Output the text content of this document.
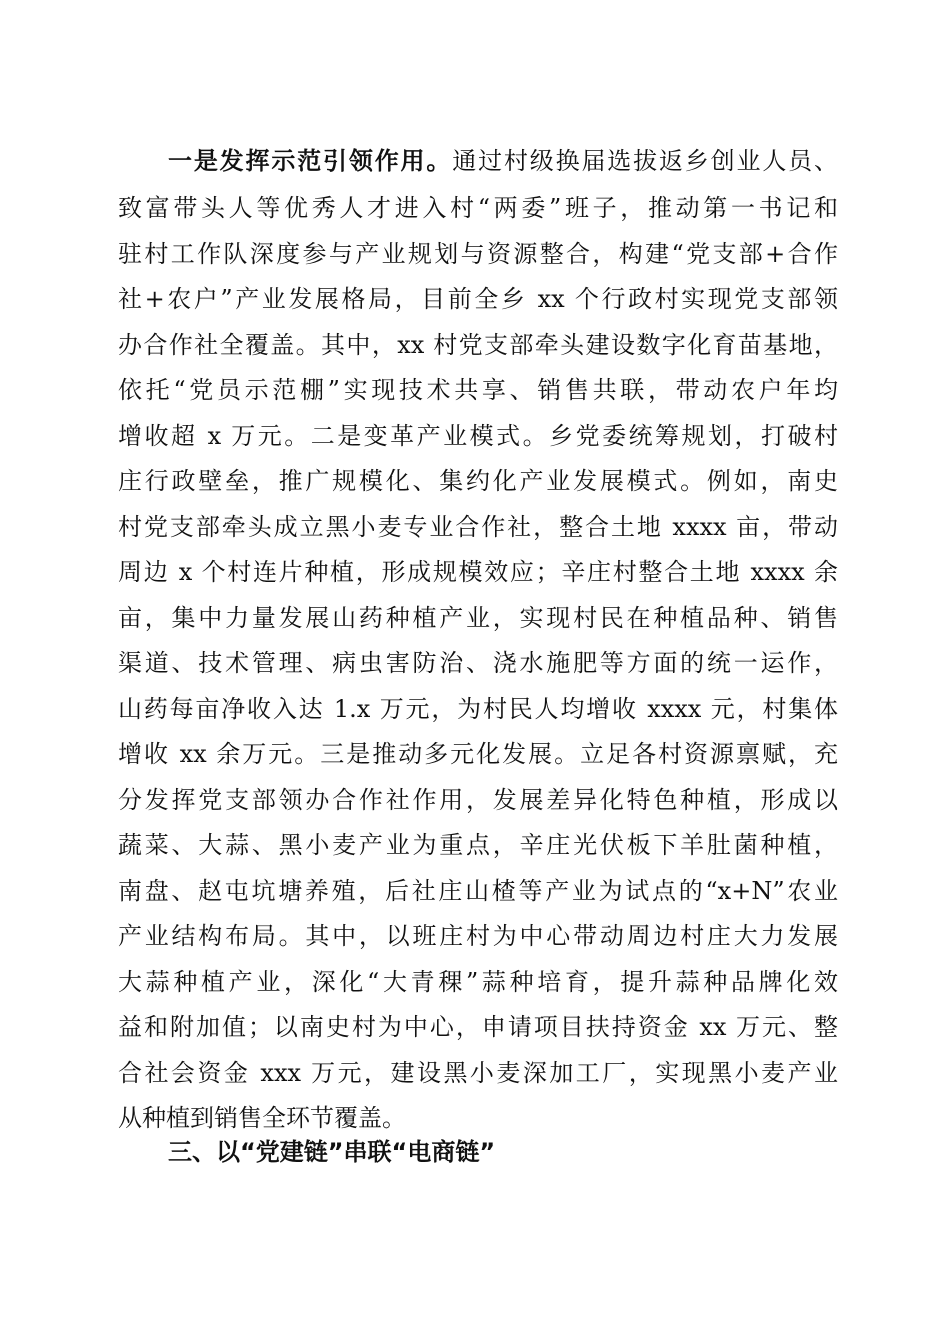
一是发挥示范引领作用。通过村级换届选拔返乡创业人员、
致富带头人等优秀人才进入村“两委”班子，推动第一书记和
驻村工作队深度参与产业规划与资源整合，构建“党支部+合作
社+农户”产业发展格局，目前全乡 xx 个行政村实现党支部领
办合作社全覆盖。其中，xx 村党支部牵头建设数字化育苗基地，
依托“党员示范棚”实现技术共享、销售共联，带动农户年均
增收超 x 万元。二是变革产业模式。乡党委统筹规划，打破村
庄行政壁垒，推广规模化、集约化产业发展模式。例如，南史
村党支部牵头成立黑小麦专业合作社，整合土地 xxxx 亩，带动
周边 x 个村连片种植，形成规模效应；辛庄村整合土地 xxxx 余
亩，集中力量发展山药种植产业，实现村民在种植品种、销售
渠道、技术管理、病虫害防治、浇水施肥等方面的统一运作，
山药每亩净收入达 1.x 万元，为村民人均增收 xxxx 元，村集体
增收 xx 余万元。三是推动多元化发展。立足各村资源禀赋，充
分发挥党支部领办合作社作用，发展差异化特色种植，形成以
蔬菜、大蒜、黑小麦产业为重点，辛庄光伏板下羊肚菌种植，
南盘、赵屯坑塘养殖，后社庄山楂等产业为试点的“x+N”农业
产业结构布局。其中，以班庄村为中心带动周边村庄大力发展
大蒜种植产业，深化“大青稞”蒜种培育，提升蒜种品牌化效
益和附加值；以南史村为中心，申请项目扶持资金 xx 万元、整
合社会资金 xxx 万元，建设黑小麦深加工厂，实现黑小麦产业
从种植到销售全环节覆盖。
三、以“党建链”串联“电商链”
